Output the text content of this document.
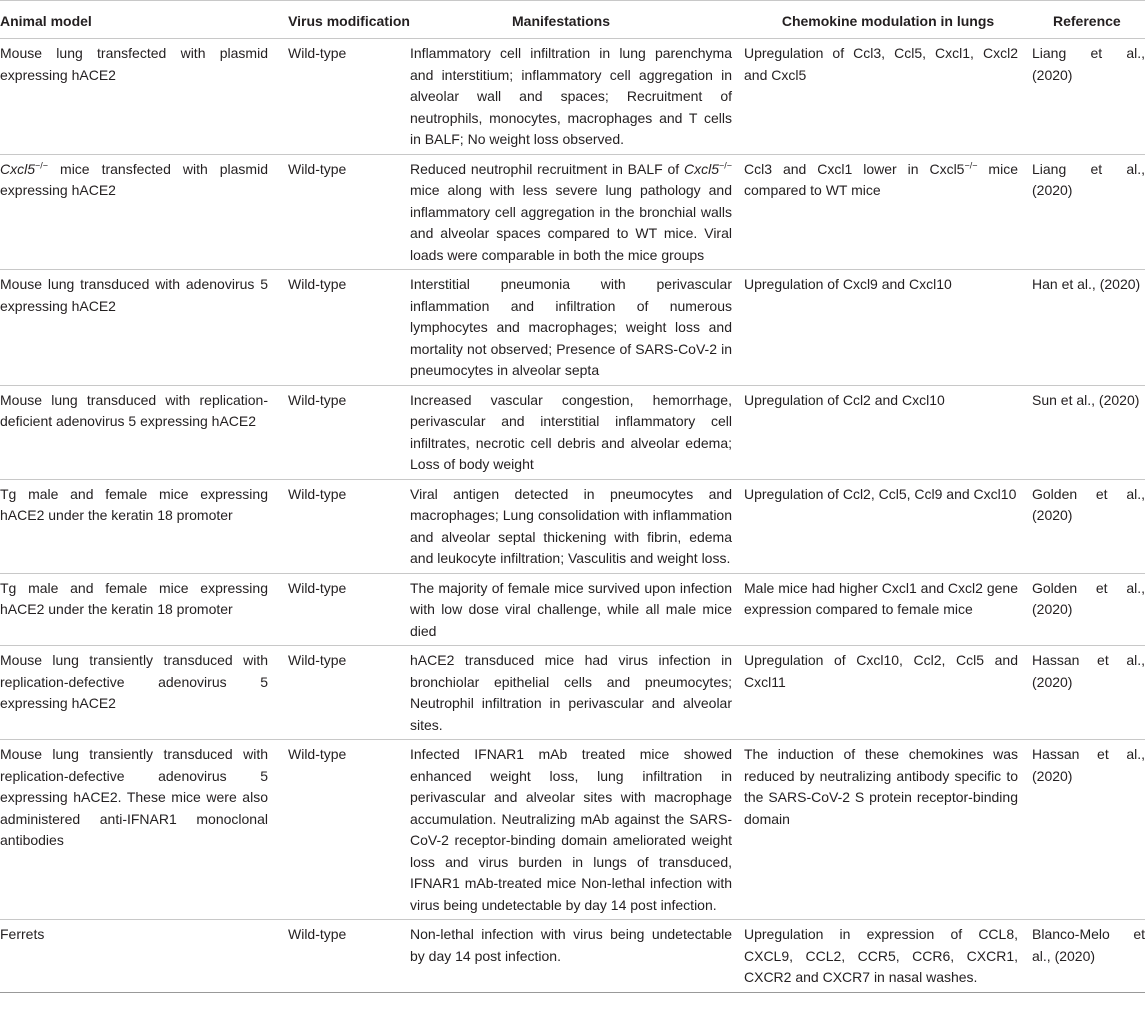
Animal model	Virus modification	Manifestations	Chemokine modulation in lungs	Reference
Mouse lung transfected with plasmid expressing hACE2	Wild-type	Inflammatory cell infiltration in lung parenchyma and interstitium; inflammatory cell aggregation in alveolar wall and spaces; Recruitment of neutrophils, monocytes, macrophages and T cells in BALF; No weight loss observed.	Upregulation of Ccl3, Ccl5, Cxcl1, Cxcl2 and Cxcl5	Liang et al., (2020)
Cxcl5−/− mice transfected with plasmid expressing hACE2	Wild-type	Reduced neutrophil recruitment in BALF of Cxcl5−/− mice along with less severe lung pathology and inflammatory cell aggregation in the bronchial walls and alveolar spaces compared to WT mice. Viral loads were comparable in both the mice groups	Ccl3 and Cxcl1 lower in Cxcl5−/− mice compared to WT mice	Liang et al., (2020)
Mouse lung transduced with adenovirus 5 expressing hACE2	Wild-type	Interstitial pneumonia with perivascular inflammation and infiltration of numerous lymphocytes and macrophages; weight loss and mortality not observed; Presence of SARS-CoV-2 in pneumocytes in alveolar septa	Upregulation of Cxcl9 and Cxcl10	Han et al., (2020)
Mouse lung transduced with replication-deficient adenovirus 5 expressing hACE2	Wild-type	Increased vascular congestion, hemorrhage, perivascular and interstitial inflammatory cell infiltrates, necrotic cell debris and alveolar edema; Loss of body weight	Upregulation of Ccl2 and Cxcl10	Sun et al., (2020)
Tg male and female mice expressing hACE2 under the keratin 18 promoter	Wild-type	Viral antigen detected in pneumocytes and macrophages; Lung consolidation with inflammation and alveolar septal thickening with fibrin, edema and leukocyte infiltration; Vasculitis and weight loss.	Upregulation of Ccl2, Ccl5, Ccl9 and Cxcl10	Golden et al., (2020)
Tg male and female mice expressing hACE2 under the keratin 18 promoter	Wild-type	The majority of female mice survived upon infection with low dose viral challenge, while all male mice died	Male mice had higher Cxcl1 and Cxcl2 gene expression compared to female mice	Golden et al., (2020)
Mouse lung transiently transduced with replication-defective adenovirus 5 expressing hACE2	Wild-type	hACE2 transduced mice had virus infection in bronchiolar epithelial cells and pneumocytes; Neutrophil infiltration in perivascular and alveolar sites.	Upregulation of Cxcl10, Ccl2, Ccl5 and Cxcl11	Hassan et al., (2020)
Mouse lung transiently transduced with replication-defective adenovirus 5 expressing hACE2. These mice were also administered anti-IFNAR1 monoclonal antibodies	Wild-type	Infected IFNAR1 mAb treated mice showed enhanced weight loss, lung infiltration in perivascular and alveolar sites with macrophage accumulation. Neutralizing mAb against the SARS-CoV-2 receptor-binding domain ameliorated weight loss and virus burden in lungs of transduced, IFNAR1 mAb-treated mice Non-lethal infection with virus being undetectable by day 14 post infection.	The induction of these chemokines was reduced by neutralizing antibody specific to the SARS-CoV-2 S protein receptor-binding domain	Hassan et al., (2020)
Ferrets	Wild-type	Non-lethal infection with virus being undetectable by day 14 post infection.	Upregulation in expression of CCL8, CXCL9, CCL2, CCR5, CCR6, CXCR1, CXCR2 and CXCR7 in nasal washes.	Blanco-Melo et al., (2020)
